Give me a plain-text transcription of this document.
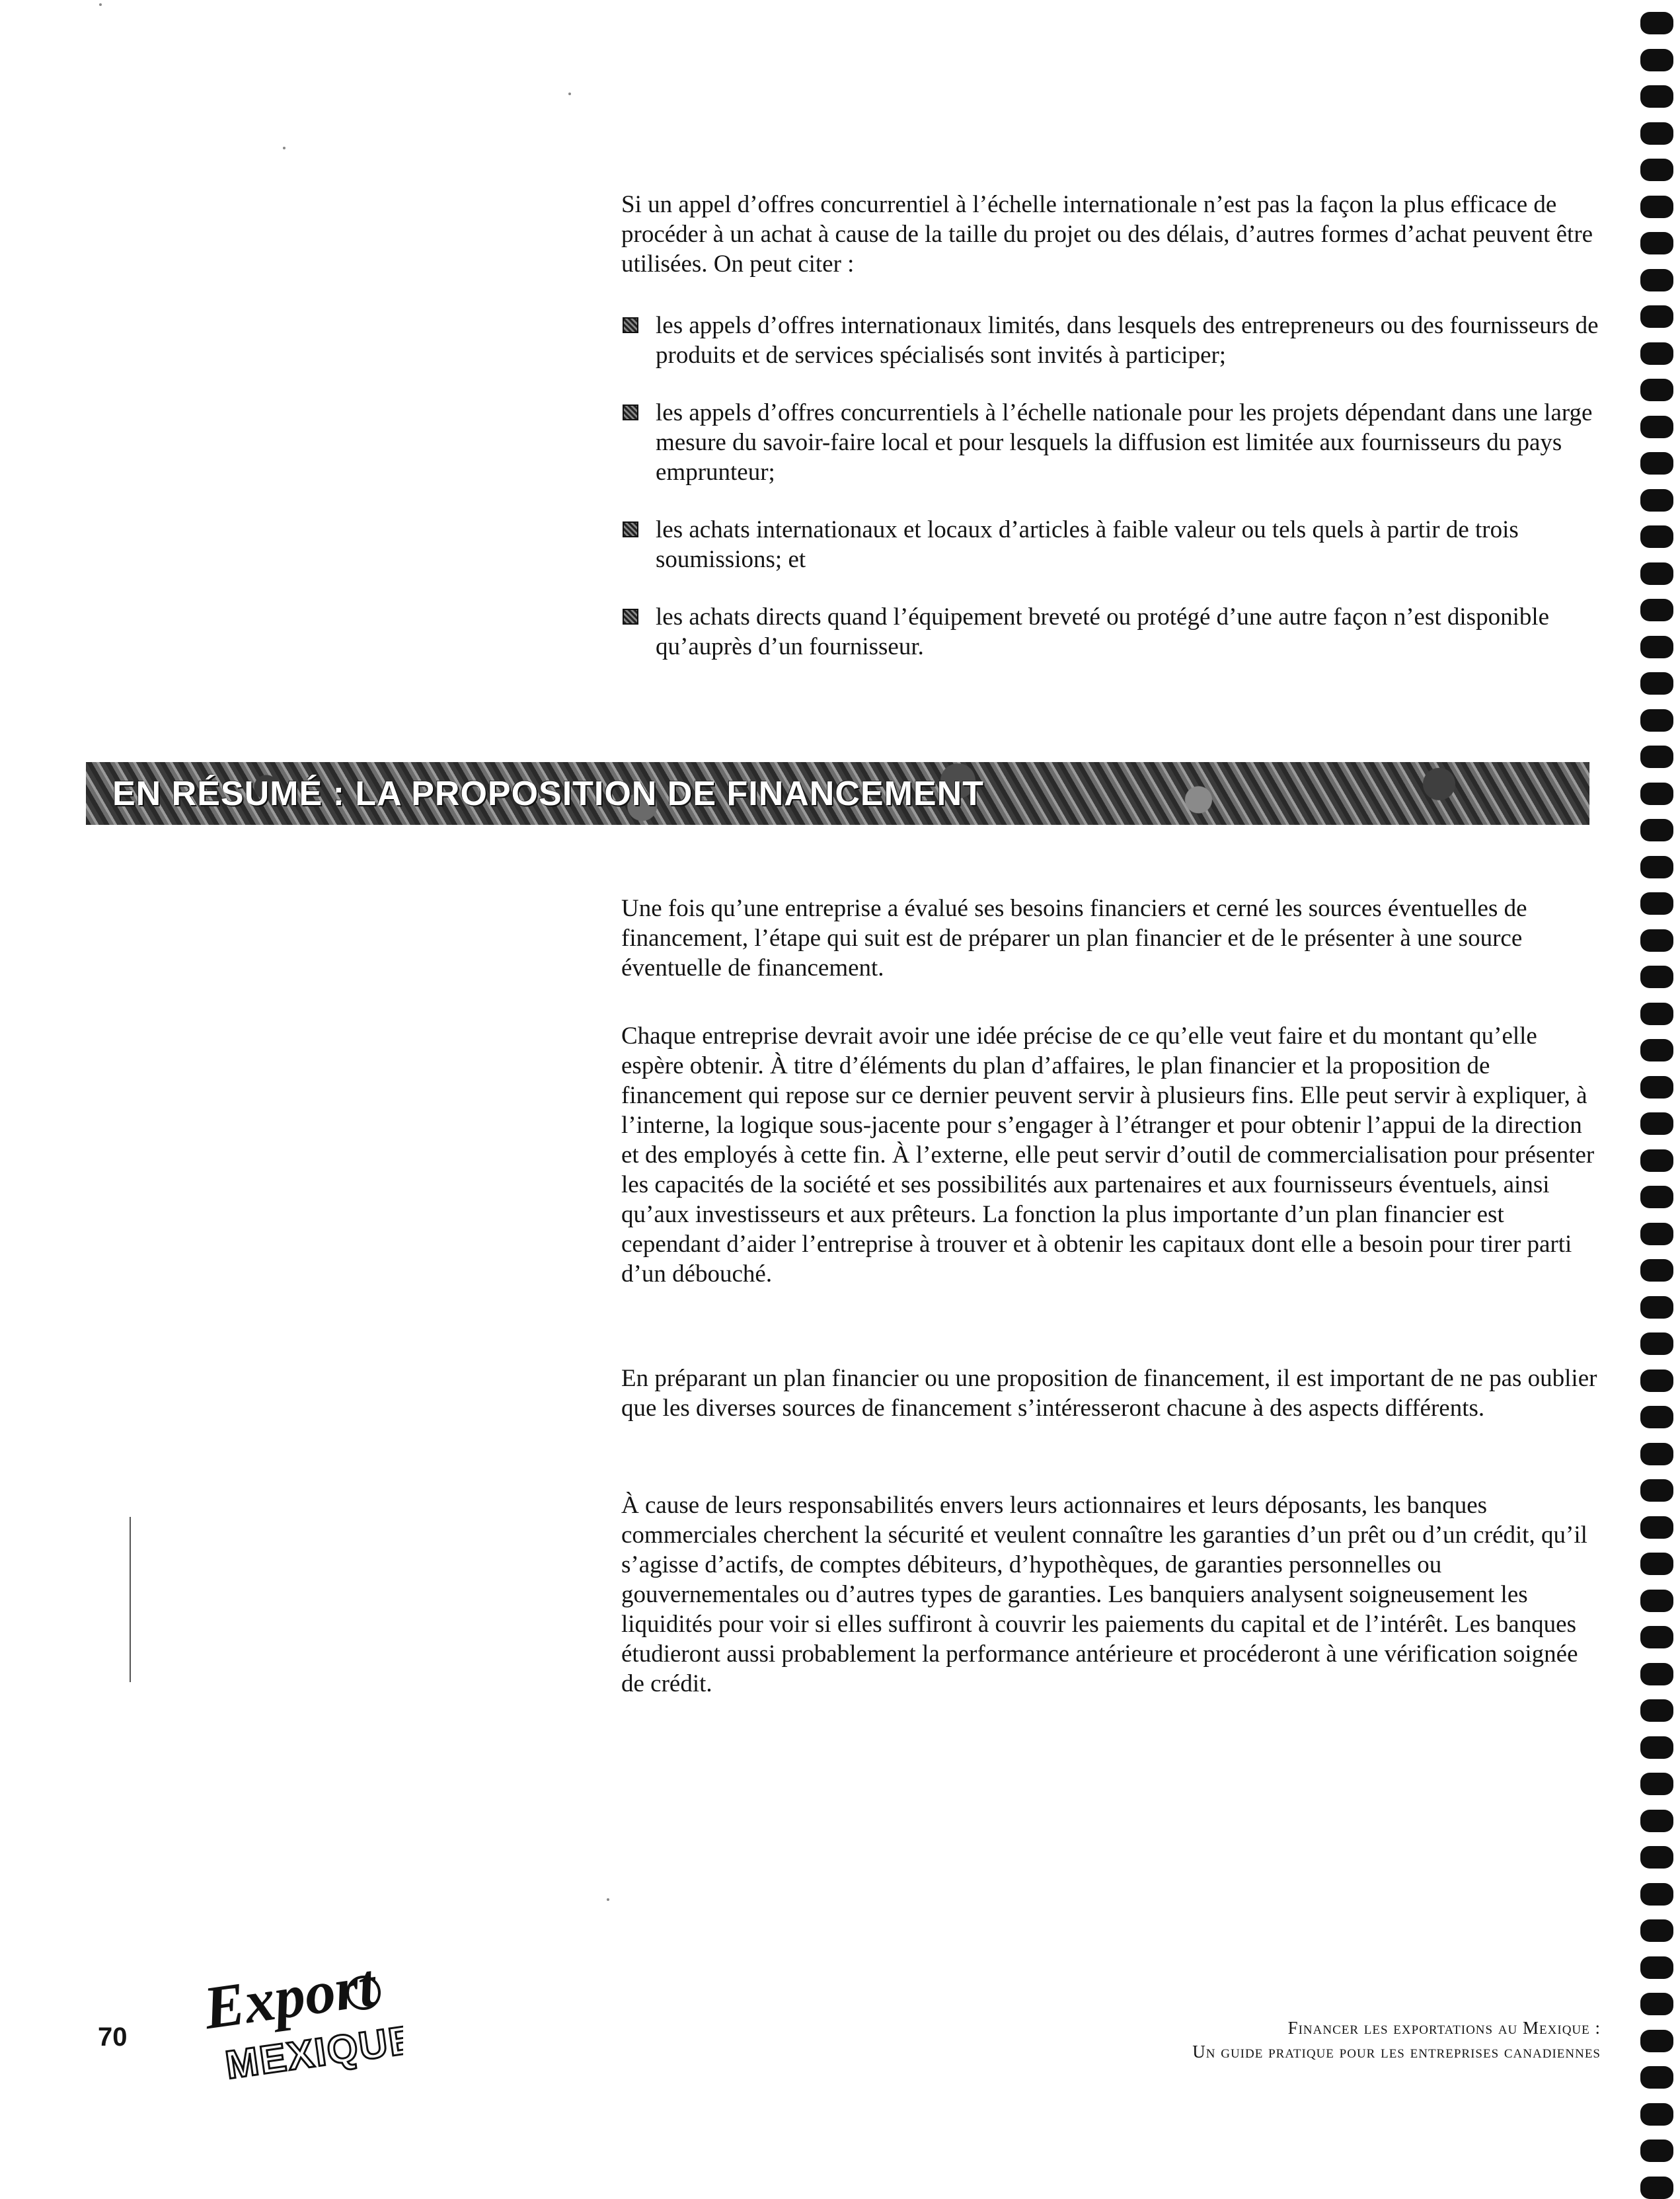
Si un appel d’offres concurrentiel à l’échelle internationale n’est pas la façon la plus efficace de procéder à un achat à cause de la taille du projet ou des délais, d’autres formes d’achat peuvent être utilisées. On peut citer :

les appels d’offres internationaux limités, dans lesquels des entrepreneurs ou des fournisseurs de produits et de services spécialisés sont invités à participer;
les appels d’offres concurrentiels à l’échelle nationale pour les projets dépendant dans une large mesure du savoir-faire local et pour lesquels la diffusion est limitée aux fournisseurs du pays emprunteur;
les achats internationaux et locaux d’articles à faible valeur ou tels quels à partir de trois soumissions; et
les achats directs quand l’équipement breveté ou protégé d’une autre façon n’est disponible qu’auprès d’un fournisseur.
EN RÉSUMÉ : LA PROPOSITION DE FINANCEMENT

Une fois qu’une entreprise a évalué ses besoins financiers et cerné les sources éventuelles de financement, l’étape qui suit est de préparer un plan financier et de le présenter à une source éventuelle de financement.

Chaque entreprise devrait avoir une idée précise de ce qu’elle veut faire et du montant qu’elle espère obtenir. À titre d’éléments du plan d’affaires, le plan financier et la proposition de financement qui repose sur ce dernier peuvent servir à plusieurs fins. Elle peut servir à expliquer, à l’interne, la logique sous-jacente pour s’engager à l’étranger et pour obtenir l’appui de la direction et des employés à cette fin. À l’externe, elle peut servir d’outil de commercialisation pour présenter les capacités de la société et ses possibilités aux partenaires et aux fournisseurs éventuels, ainsi qu’aux investisseurs et aux prêteurs. La fonction la plus importante d’un plan financier est cependant d’aider l’entreprise à trouver et à obtenir les capitaux dont elle a besoin pour tirer parti d’un débouché.

En préparant un plan financier ou une proposition de financement, il est important de ne pas oublier que les diverses sources de financement s’intéresseront chacune à des aspects différents.

À cause de leurs responsabilités envers leurs actionnaires et leurs déposants, les banques commerciales cherchent la sécurité et veulent connaître les garanties d’un prêt ou d’un crédit, qu’il s’agisse d’actifs, de comptes débiteurs, d’hypothèques, de garanties personnelles ou gouvernementales ou d’autres types de garanties. Les banquiers analysent soigneusement les liquidités pour voir si elles suffiront à couvrir les paiements du capital et de l’intérêt. Les banques étudieront aussi probablement la performance antérieure et procéderont à une vérification soignée de crédit.

70 Export
MEXIQUE	Financer les exportations au Mexique :
Un guide pratique pour les entreprises canadiennes
